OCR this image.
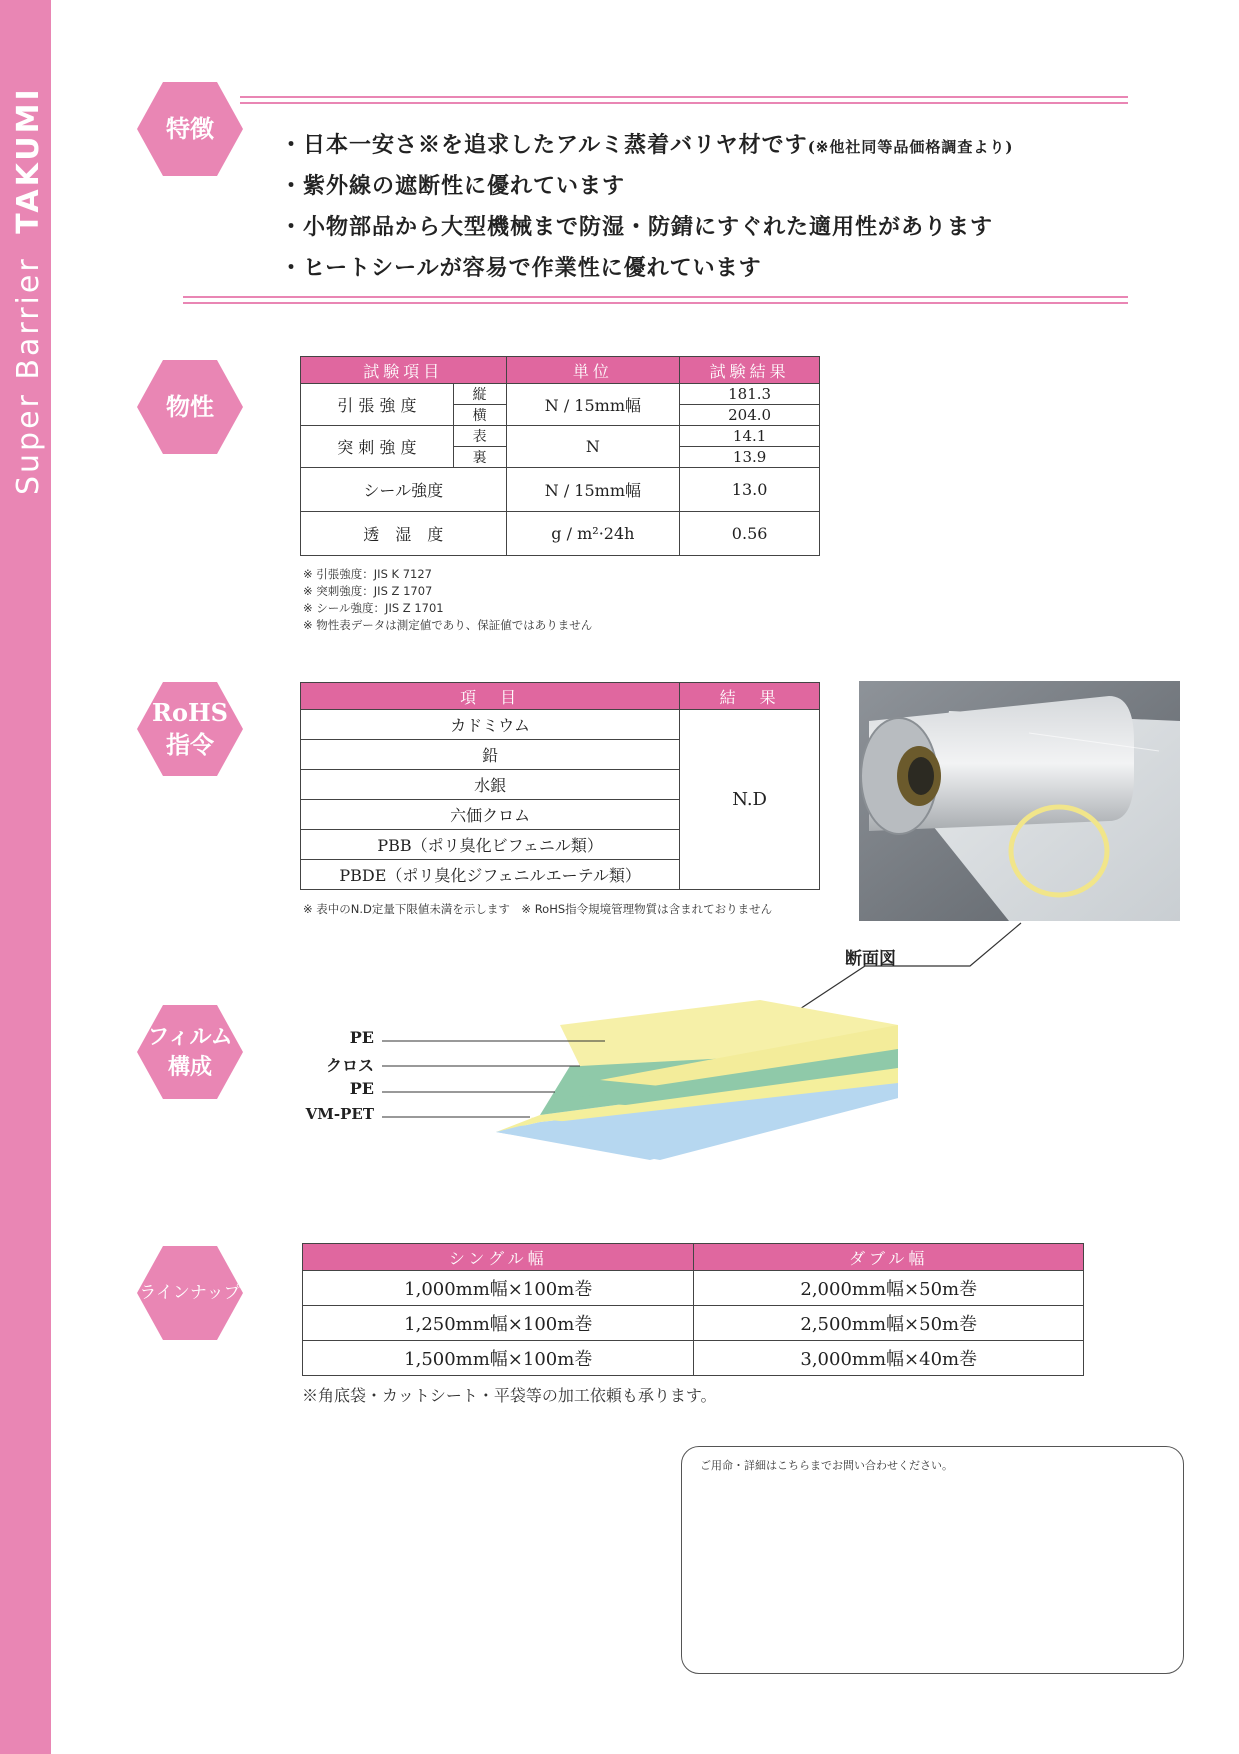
Super Barrier TAKUMI	特徴
・日本一安さ※を追求したアルミ蒸着バリヤ材です(※他社同等品価格調査より)
・紫外線の遮断性に優れています
・小物部品から大型機械まで防湿・防錆にすぐれた適用性があります
・ヒートシールが容易で作業性に優れています
物性
試験項目		単位	試験結果
引 張 強 度	縦	N / 15mm幅	181.3
	横		204.0
突 刺 強 度	表	N	14.1
	裏		13.9
シール強度		N / 15mm幅	13.0
透　湿　度		g / m²·24h	0.56
※ 引張強度：JIS K 7127
※ 突刺強度：JIS Z 1707
※ シール強度：JIS Z 1701
※ 物性表データは測定値であり、保証値ではありません
RoHS
指令
項　目	結　果
カドミウム	N.D
鉛	
水銀	
六価クロム	
PBB（ポリ臭化ビフェニル類）	
PBDE（ポリ臭化ジフェニルエーテル類）	
※ 表中のN.D定量下限値未満を示します　※ RoHS指令規境管理物質は含まれておりません
フィルム
構成
断面図
PE
クロス
PE
VM-PET
ラインナップ
シングル幅	ダブル幅
1,000mm幅×100m巻	2,000mm幅×50m巻
1,250mm幅×100m巻	2,500mm幅×50m巻
1,500mm幅×100m巻	3,000mm幅×40m巻
※角底袋・カットシート・平袋等の加工依頼も承ります。
ご用命・詳細はこちらまでお問い合わせください。
